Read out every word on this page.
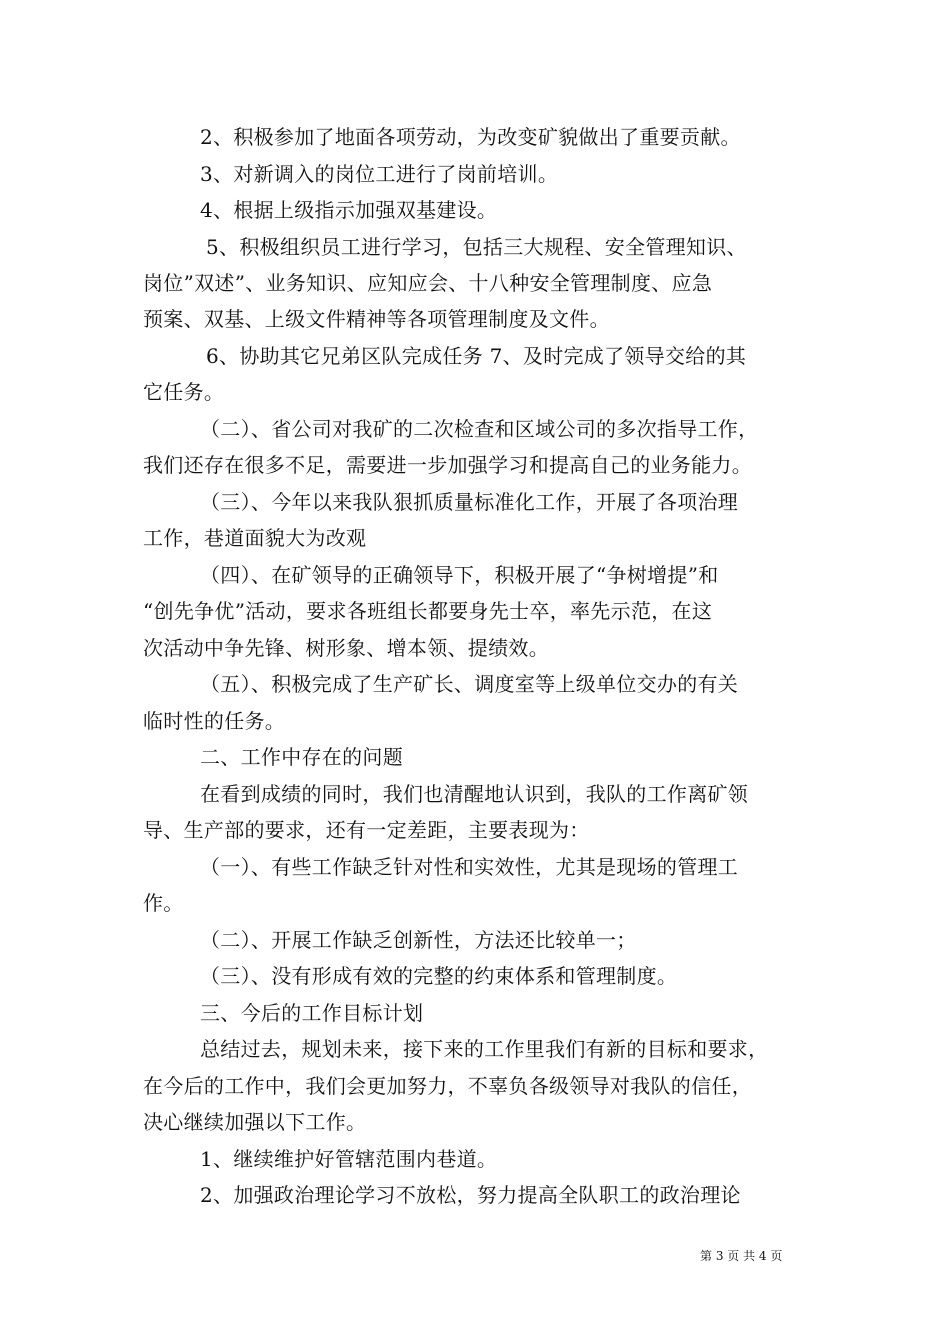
2、积极参加了地面各项劳动，为改变矿貌做出了重要贡献。
3、对新调入的岗位工进行了岗前培训。
4、根据上级指示加强双基建设。
5、积极组织员工进行学习，包括三大规程、安全管理知识、
岗位”双述”、业务知识、应知应会、十八种安全管理制度、应急
预案、双基、上级文件精神等各项管理制度及文件。
6、协助其它兄弟区队完成任务 7、及时完成了领导交给的其
它任务。
（二）、省公司对我矿的二次检查和区域公司的多次指导工作，
我们还存在很多不足，需要进一步加强学习和提高自己的业务能力。
（三）、今年以来我队狠抓质量标准化工作，开展了各项治理
工作，巷道面貌大为改观
（四）、在矿领导的正确领导下，积极开展了“争树增提”和
“创先争优”活动，要求各班组长都要身先士卒，率先示范，在这
次活动中争先锋、树形象、增本领、提绩效。
（五）、积极完成了生产矿长、调度室等上级单位交办的有关
临时性的任务。
二、工作中存在的问题
在看到成绩的同时，我们也清醒地认识到，我队的工作离矿领
导、生产部的要求，还有一定差距，主要表现为：
（一）、有些工作缺乏针对性和实效性，尤其是现场的管理工
作。
（二）、开展工作缺乏创新性，方法还比较单一；
（三）、没有形成有效的完整的约束体系和管理制度。
三、今后的工作目标计划
总结过去，规划未来，接下来的工作里我们有新的目标和要求，
在今后的工作中，我们会更加努力，不辜负各级领导对我队的信任，
决心继续加强以下工作。
1、继续维护好管辖范围内巷道。
2、加强政治理论学习不放松，努力提高全队职工的政治理论
第 3 页 共 4 页
